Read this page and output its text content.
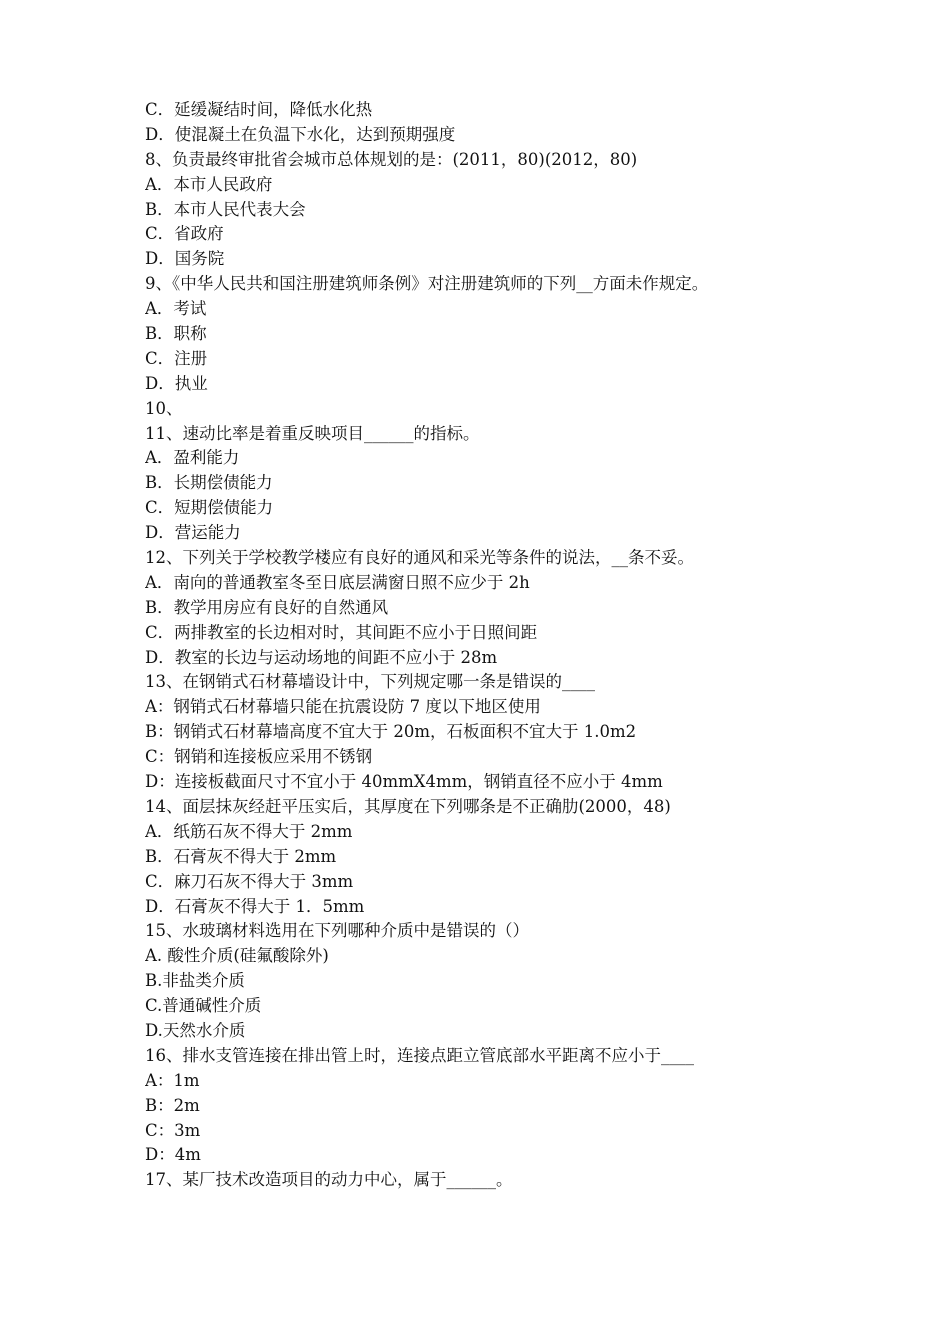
C．延缓凝结时间，降低水化热
D．使混凝土在负温下水化，达到预期强度
8、负责最终审批省会城市总体规划的是：(2011，80)(2012，80)
A．本市人民政府
B．本市人民代表大会
C．省政府
D．国务院
9、《中华人民共和国注册建筑师条例》对注册建筑师的下列__方面未作规定。
A．考试
B．职称
C．注册
D．执业
10、
11、速动比率是着重反映项目______的指标。
A．盈利能力
B．长期偿债能力
C．短期偿债能力
D．营运能力
12、下列关于学校教学楼应有良好的通风和采光等条件的说法，__条不妥。
A．南向的普通教室冬至日底层满窗日照不应少于 2h
B．教学用房应有良好的自然通风
C．两排教室的长边相对时，其间距不应小于日照间距
D．教室的长边与运动场地的间距不应小于 28m
13、在钢销式石材幕墙设计中，下列规定哪一条是错误的____
A：钢销式石材幕墙只能在抗震设防 7 度以下地区使用
B：钢销式石材幕墙高度不宜大于 20m，石板面积不宜大于 1.0m2
C：钢销和连接板应采用不锈钢
D：连接板截面尺寸不宜小于 40mmX4mm，钢销直径不应小于 4mm
14、面层抹灰经赶平压实后，其厚度在下列哪条是不正确肋(2000，48)
A．纸筋石灰不得大于 2mm
B．石膏灰不得大于 2mm
C．麻刀石灰不得大于 3mm
D．石膏灰不得大于 1．5mm
15、水玻璃材料选用在下列哪种介质中是错误的（）
A. 酸性介质(硅氟酸除外)
B.非盐类介质
C.普通碱性介质
D.天然水介质
16、排水支管连接在排出管上时，连接点距立管底部水平距离不应小于____
A：1m
B：2m
C：3m
D：4m
17、某厂技术改造项目的动力中心，属于______。
